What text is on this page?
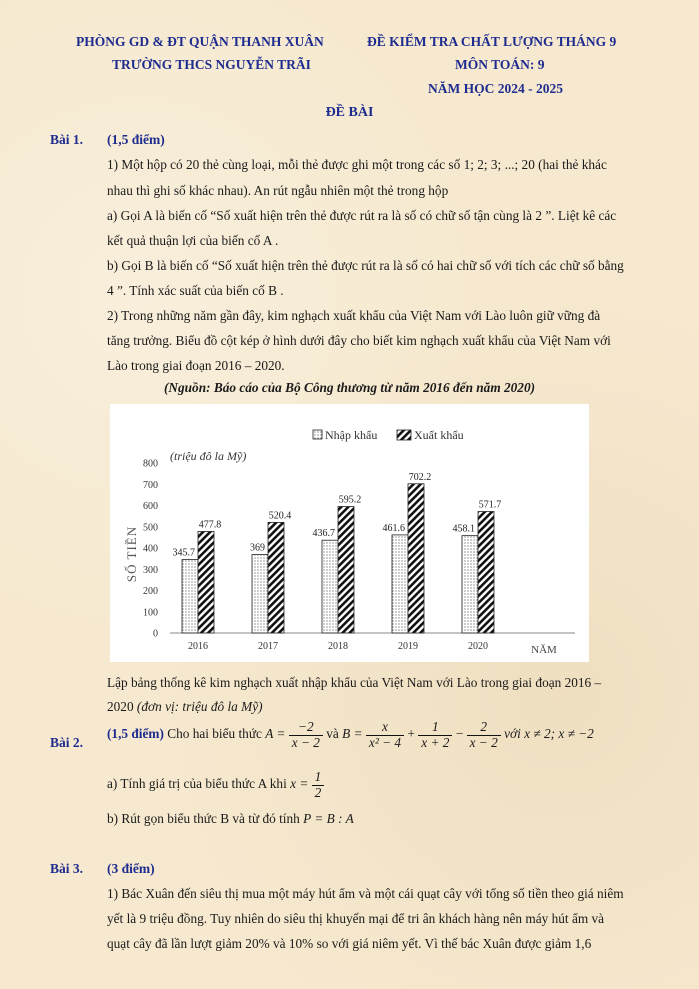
PHÒNG GD & ĐT QUẬN THANH XUÂN
TRƯỜNG THCS NGUYỄN TRÃI
ĐỀ KIỂM TRA CHẤT LƯỢNG THÁNG 9
MÔN TOÁN: 9
NĂM HỌC 2024 - 2025
ĐỀ BÀI
Bài 1. (1,5 điểm)
1) Một hộp có 20 thẻ cùng loại, mỗi thẻ được ghi một trong các số 1; 2; 3; ...; 20 (hai thẻ khác
nhau thì ghi số khác nhau). An rút ngẫu nhiên một thẻ trong hộp
a) Gọi A là biến cố “Số xuất hiện trên thẻ được rút ra là số có chữ số tận cùng là 2 ”. Liệt kê các
kết quả thuận lợi của biến cố A .
b) Gọi B là biến cố “Số xuất hiện trên thẻ được rút ra là số có hai chữ số với tích các chữ số bằng
4 ”. Tính xác suất của biến cố B .
2) Trong những năm gần đây, kim nghạch xuất khẩu của Việt Nam với Lào luôn giữ vững đà
tăng trưởng. Biểu đồ cột kép ở hình dưới đây cho biết kim nghạch xuất khẩu của Việt Nam với
Lào trong giai đoạn 2016 – 2020.
(Nguồn: Báo cáo của Bộ Công thương từ năm 2016 đến năm 2020)
0
100
200
300
400
500
600
700
800
SỐ TIỀN
(triệu đô la Mỹ)
345.7
477.8
2016
369
520.4
2017
436.7
595.2
2018
461.6
702.2
2019
458.1
571.7
2020	NĂM
Nhập khẩu	Xuất khẩu
Lập bảng thống kê kim nghạch xuất nhập khẩu của Việt Nam với Lào trong giai đoạn 2016 –
2020 (đơn vị: triệu đô la Mỹ)
Bài 2.
(1,5 điểm) Cho hai biểu thức $A = \frac{-2}{x - 2}$ và $B = \frac{x}{\text{x² − 4}} + \frac{1}{x + 2} - \frac{2}{x - 2}$ với x ≠ 2; x ≠ −2
a) Tính giá trị của biểu thức A khi $x = \frac{1}{2}$
b) Rút gọn biểu thức B và từ đó tính P = B : A
Bài 3. (3 điểm)
1) Bác Xuân đến siêu thị mua một máy hút ẩm và một cái quạt cây với tổng số tiền theo giá niêm
yết là 9 triệu đồng. Tuy nhiên do siêu thị khuyến mại để tri ân khách hàng nên máy hút ẩm và
quạt cây đã lần lượt giảm 20% và 10% so với giá niêm yết. Vì thế bác Xuân được giảm 1,6
